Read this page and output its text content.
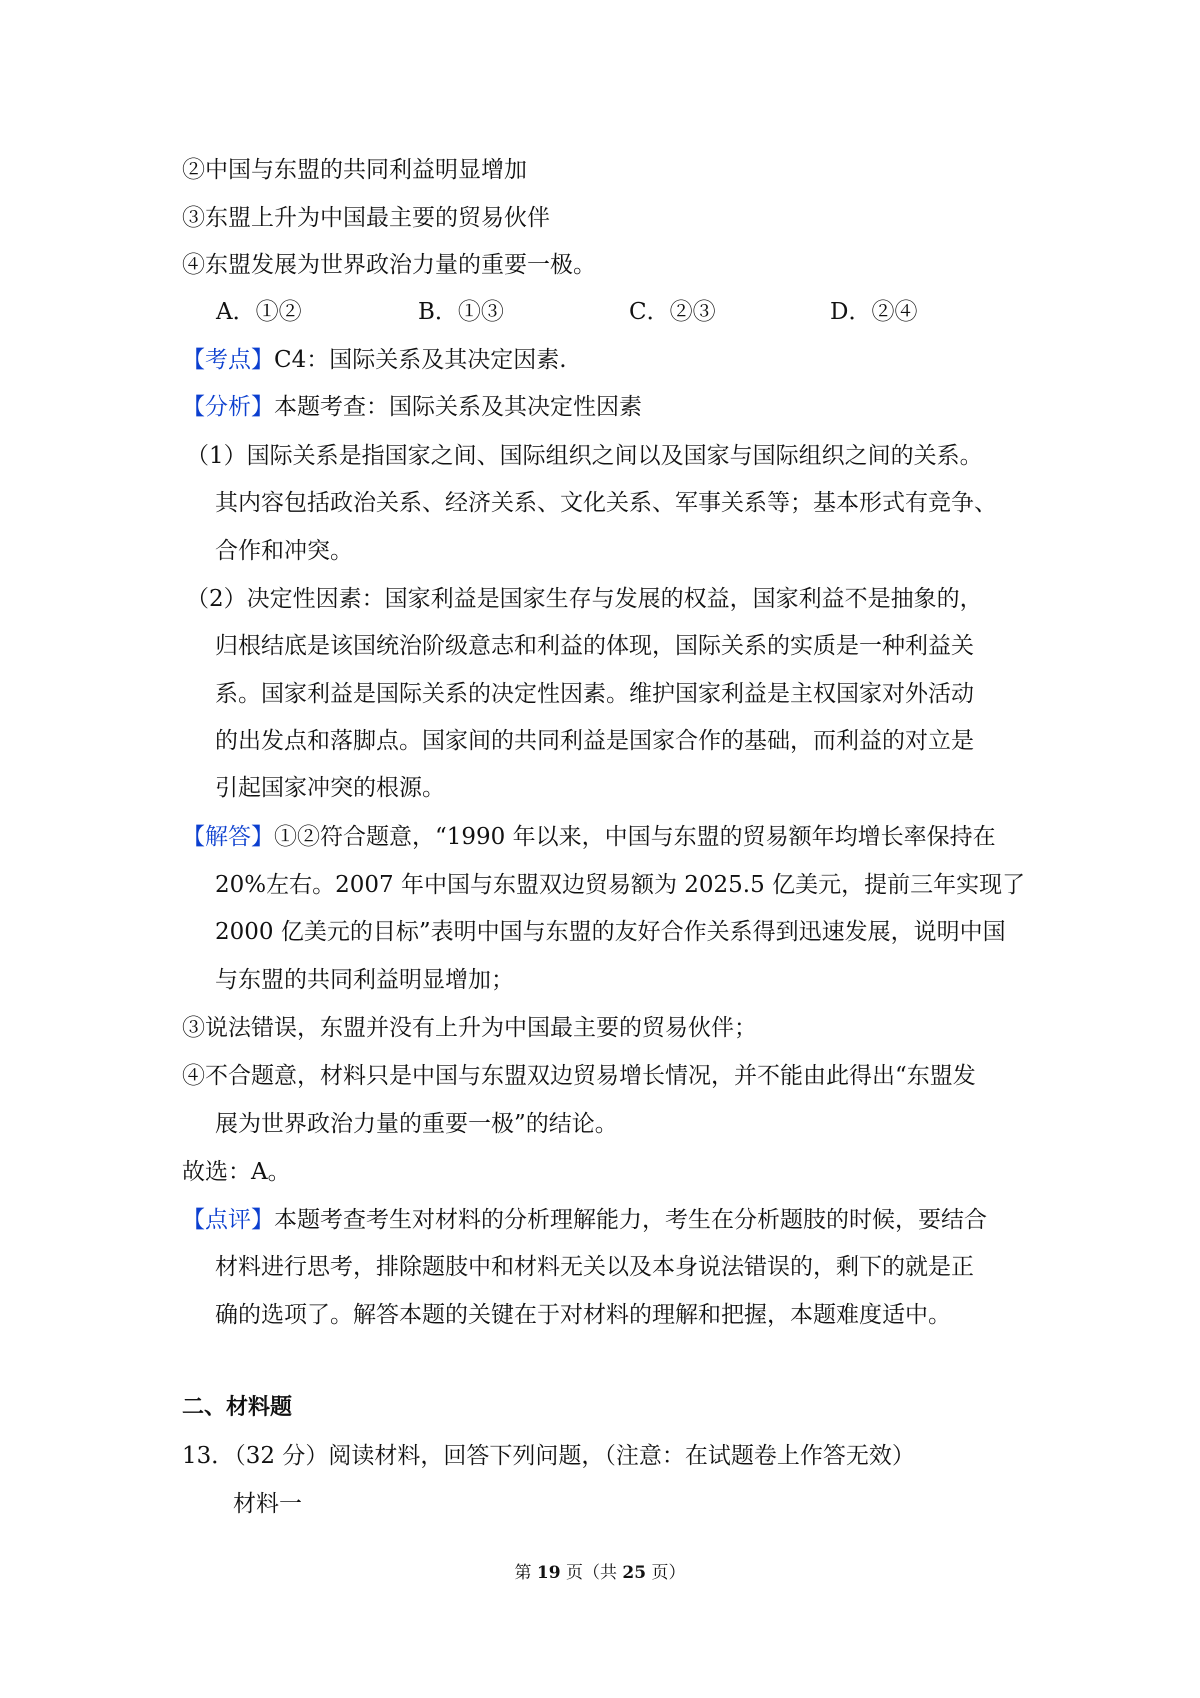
②中国与东盟的共同利益明显增加
③东盟上升为中国最主要的贸易伙伴
④东盟发展为世界政治力量的重要一极。
A．①②	B．①③	C．②③	D．②④
【考点】C4：国际关系及其决定因素.
【分析】本题考查：国际关系及其决定性因素
（1）国际关系是指国家之间、国际组织之间以及国家与国际组织之间的关系。
其内容包括政治关系、经济关系、文化关系、军事关系等；基本形式有竞争、
合作和冲突。
（2）决定性因素：国家利益是国家生存与发展的权益，国家利益不是抽象的，
归根结底是该国统治阶级意志和利益的体现，国际关系的实质是一种利益关
系。国家利益是国际关系的决定性因素。维护国家利益是主权国家对外活动
的出发点和落脚点。国家间的共同利益是国家合作的基础，而利益的对立是
引起国家冲突的根源。
【解答】①②符合题意，“1990 年以来，中国与东盟的贸易额年均增长率保持在
20%左右。2007 年中国与东盟双边贸易额为 2025.5 亿美元，提前三年实现了
2000 亿美元的目标”表明中国与东盟的友好合作关系得到迅速发展，说明中国
与东盟的共同利益明显增加；
③说法错误，东盟并没有上升为中国最主要的贸易伙伴；
④不合题意，材料只是中国与东盟双边贸易增长情况，并不能由此得出“东盟发
展为世界政治力量的重要一极”的结论。
故选：A。
【点评】本题考查考生对材料的分析理解能力，考生在分析题肢的时候，要结合
材料进行思考，排除题肢中和材料无关以及本身说法错误的，剩下的就是正
确的选项了。解答本题的关键在于对材料的理解和把握，本题难度适中。
二、材料题
13．（32 分）阅读材料，回答下列问题，（注意：在试题卷上作答无效）
材料一
第 19 页（共 25 页）
